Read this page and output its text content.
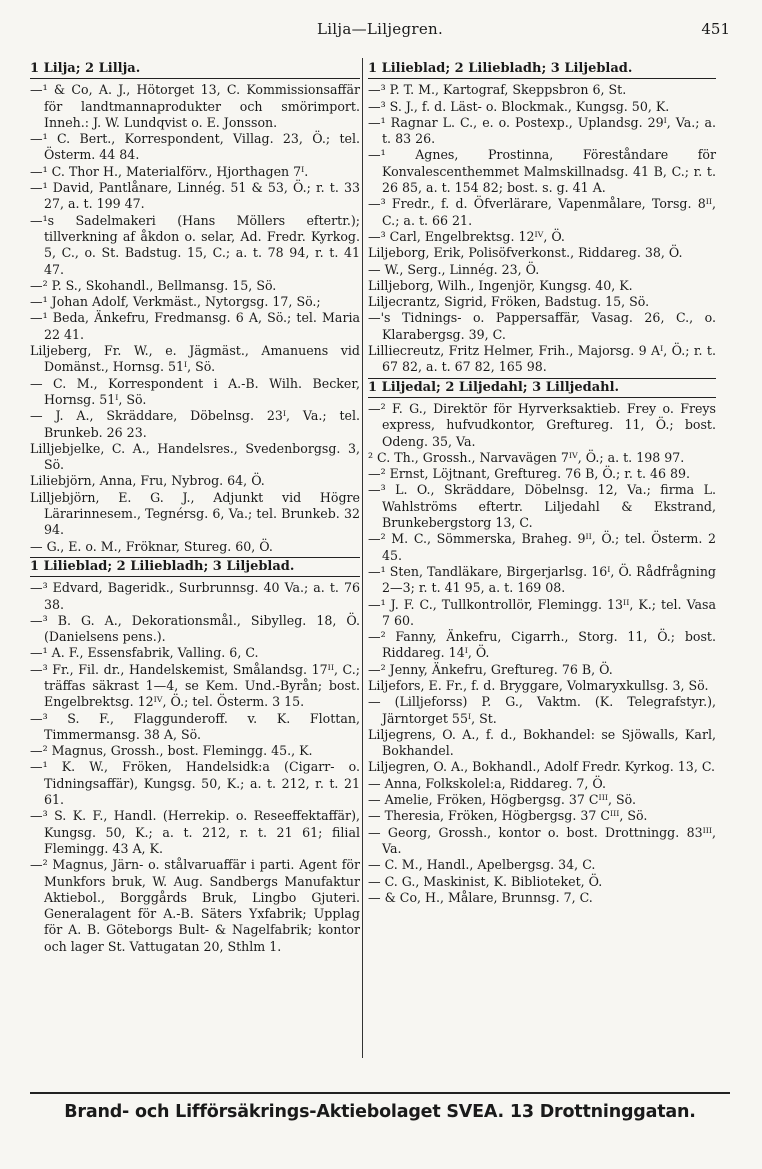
Lilja—Liljegren.	451
1 Lilja; 2 Lillja.

—¹ & Co, A. J., Hötorget 13, C. Kommissionsaffär för landtmannaprodukter och smörimport. Inneh.: J. W. Lundqvist o. E. Jonsson.

—¹ C. Bert., Korrespondent, Villag. 23, Ö.; tel. Österm. 44 84.

—¹ C. Thor H., Materialförv., Hjorthagen 7ᴵ.

—¹ David, Pantlånare, Linnég. 51 & 53, Ö.; r. t. 33 27, a. t. 199 47.

—¹s Sadelmakeri (Hans Möllers eftertr.); tillverkning af åkdon o. selar, Ad. Fredr. Kyrkog. 5, C., o. St. Badstug. 15, C.; a. t. 78 94, r. t. 41 47.

—² P. S., Skohandl., Bellmansg. 15, Sö.

—¹ Johan Adolf, Verkmäst., Nytorgsg. 17, Sö.;

—¹ Beda, Änkefru, Fredmansg. 6 A, Sö.; tel. Maria 22 41.

Liljeberg, Fr. W., e. Jägmäst., Amanuens vid Domänst., Hornsg. 51ᴵ, Sö.

— C. M., Korrespondent i A.-B. Wilh. Becker, Hornsg. 51ᴵ, Sö.

— J. A., Skräddare, Döbelnsg. 23ᴵ, Va.; tel. Brunkeb. 26 23.

Lilljebjelke, C. A., Handelsres., Svedenborgsg. 3, Sö.

Liliebjörn, Anna, Fru, Nybrog. 64, Ö.

Lilljebjörn, E. G. J., Adjunkt vid Högre Lärarinnesem., Tegnérsg. 6, Va.; tel. Brunkeb. 32 94.

— G., E. o. M., Fröknar, Stureg. 60, Ö.

1 Lilieblad; 2 Liliebladh; 3 Liljeblad.

—³ Edvard, Bageridk., Surbrunnsg. 40 Va.; a. t. 76 38.

—³ B. G. A., Dekorationsmål., Sibylleg. 18, Ö. (Danielsens pens.).

—¹ A. F., Essensfabrik, Valling. 6, C.

—³ Fr., Fil. dr., Handelskemist, Smålandsg. 17ᴵᴵ, C.; träffas säkrast 1—4, se Kem. Und.-Byrån; bost. Engelbrektsg. 12ᴵⱽ, Ö.; tel. Österm. 3 15.

—³ S. F., Flaggunderoff. v. K. Flottan, Timmermansg. 38 A, Sö.

—² Magnus, Grossh., bost. Flemingg. 45., K.

—¹ K. W., Fröken, Handelsidk:a (Cigarr- o. Tidningsaffär), Kungsg. 50, K.; a. t. 212, r. t. 21 61.

—³ S. K. F., Handl. (Herrekip. o. Reseeffektaffär), Kungsg. 50, K.; a. t. 212, r. t. 21 61; filial Flemingg. 43 A, K.

—² Magnus, Järn- o. stålvaruaffär i parti. Agent för Munkfors bruk, W. Aug. Sandbergs Manufaktur Aktiebol., Borggårds Bruk, Lingbo Gjuteri. Generalagent för A.-B. Säters Yxfabrik; Upplag för A. B. Göteborgs Bult- & Nagelfabrik; kontor och lager St. Vattugatan 20, Sthlm 1.

1 Lilieblad; 2 Liliebladh; 3 Liljeblad.

—³ P. T. M., Kartograf, Skeppsbron 6, St.

—³ S. J., f. d. Läst- o. Blockmak., Kungsg. 50, K.

—¹ Ragnar L. C., e. o. Postexp., Uplandsg. 29ᴵ, Va.; a. t. 83 26.

—¹ Agnes, Prostinna, Föreståndare för Konvalescenthemmet Malmskillnadsg. 41 B, C.; r. t. 26 85, a. t. 154 82; bost. s. g. 41 A.

—³ Fredr., f. d. Öfverlärare, Vapenmålare, Torsg. 8ᴵᴵ, C.; a. t. 66 21.

—³ Carl, Engelbrektsg. 12ᴵⱽ, Ö.

Liljeborg, Erik, Polisöfverkonst., Riddareg. 38, Ö.

— W., Serg., Linnég. 23, Ö.

Lilljeborg, Wilh., Ingenjör, Kungsg. 40, K.

Liljecrantz, Sigrid, Fröken, Badstug. 15, Sö.

—'s Tidnings- o. Pappersaffär, Vasag. 26, C., o. Klarabergsg. 39, C.

Lilliecreutz, Fritz Helmer, Frih., Majorsg. 9 Aᴵ, Ö.; r. t. 67 82, a. t. 67 82, 165 98.

1 Liljedal; 2 Liljedahl; 3 Lilljedahl.

—² F. G., Direktör för Hyrverksaktieb. Frey o. Freys express, hufvudkontor, Greftureg. 11, Ö.; bost. Odeng. 35, Va.

² C. Th., Grossh., Narvavägen 7ᴵⱽ, Ö.; a. t. 198 97.

—² Ernst, Löjtnant, Greftureg. 76 B, Ö.; r. t. 46 89.

—³ L. O., Skräddare, Döbelnsg. 12, Va.; firma L. Wahlströms eftertr. Liljedahl & Ekstrand, Brunkebergstorg 13, C.

—² M. C., Sömmerska, Braheg. 9ᴵᴵ, Ö.; tel. Österm. 2 45.

—¹ Sten, Tandläkare, Birgerjarlsg. 16ᴵ, Ö. Rådfrågning 2—3; r. t. 41 95, a. t. 169 08.

—¹ J. F. C., Tullkontrollör, Flemingg. 13ᴵᴵ, K.; tel. Vasa 7 60.

—² Fanny, Änkefru, Cigarrh., Storg. 11, Ö.; bost. Riddareg. 14ᴵ, Ö.

—² Jenny, Änkefru, Greftureg. 76 B, Ö.

Liljefors, E. Fr., f. d. Bryggare, Volmaryxkullsg. 3, Sö.

— (Lilljeforss) P. G., Vaktm. (K. Telegrafstyr.), Järntorget 55ᴵ, St.

Liljegrens, O. A., f. d., Bokhandel: se Sjöwalls, Karl, Bokhandel.

Liljegren, O. A., Bokhandl., Adolf Fredr. Kyrkog. 13, C.

— Anna, Folkskolel:a, Riddareg. 7, Ö.

— Amelie, Fröken, Högbergsg. 37 Cᴵᴵᴵ, Sö.

— Theresia, Fröken, Högbergsg. 37 Cᴵᴵᴵ, Sö.

— Georg, Grossh., kontor o. bost. Drottningg. 83ᴵᴵᴵ, Va.

— C. M., Handl., Apelbergsg. 34, C.

— C. G., Maskinist, K. Biblioteket, Ö.

— & Co, H., Målare, Brunnsg. 7, C.

Brand- och Lifförsäkrings-Aktiebolaget SVEA. 13 Drottninggatan.
